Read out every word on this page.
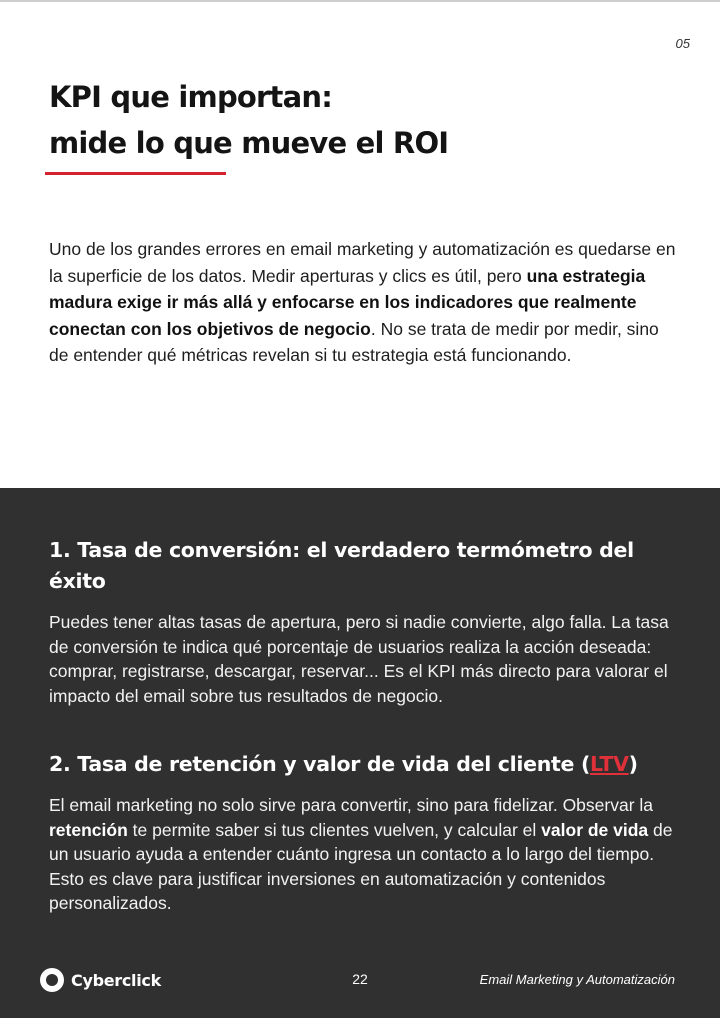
05
KPI que importan:
mide lo que mueve el ROI

Uno de los grandes errores en email marketing y automatización es quedarse en la superficie de los datos. Medir aperturas y clics es útil, pero una estrategia madura exige ir más allá y enfocarse en los indicadores que realmente conectan con los objetivos de negocio. No se trata de medir por medir, sino de entender qué métricas revelan si tu estrategia está funcionando.

1. Tasa de conversión: el verdadero termómetro del éxito

Puedes tener altas tasas de apertura, pero si nadie convierte, algo falla. La tasa de conversión te indica qué porcentaje de usuarios realiza la acción deseada: comprar, registrarse, descargar, reservar... Es el KPI más directo para valorar el impacto del email sobre tus resultados de negocio.

2. Tasa de retención y valor de vida del cliente (LTV)

El email marketing no solo sirve para convertir, sino para fidelizar. Observar la retención te permite saber si tus clientes vuelven, y calcular el valor de vida de un usuario ayuda a entender cuánto ingresa un contacto a lo largo del tiempo. Esto es clave para justificar inversiones en automatización y contenidos personalizados.

Cyberclick	22	Email Marketing y Automatización
